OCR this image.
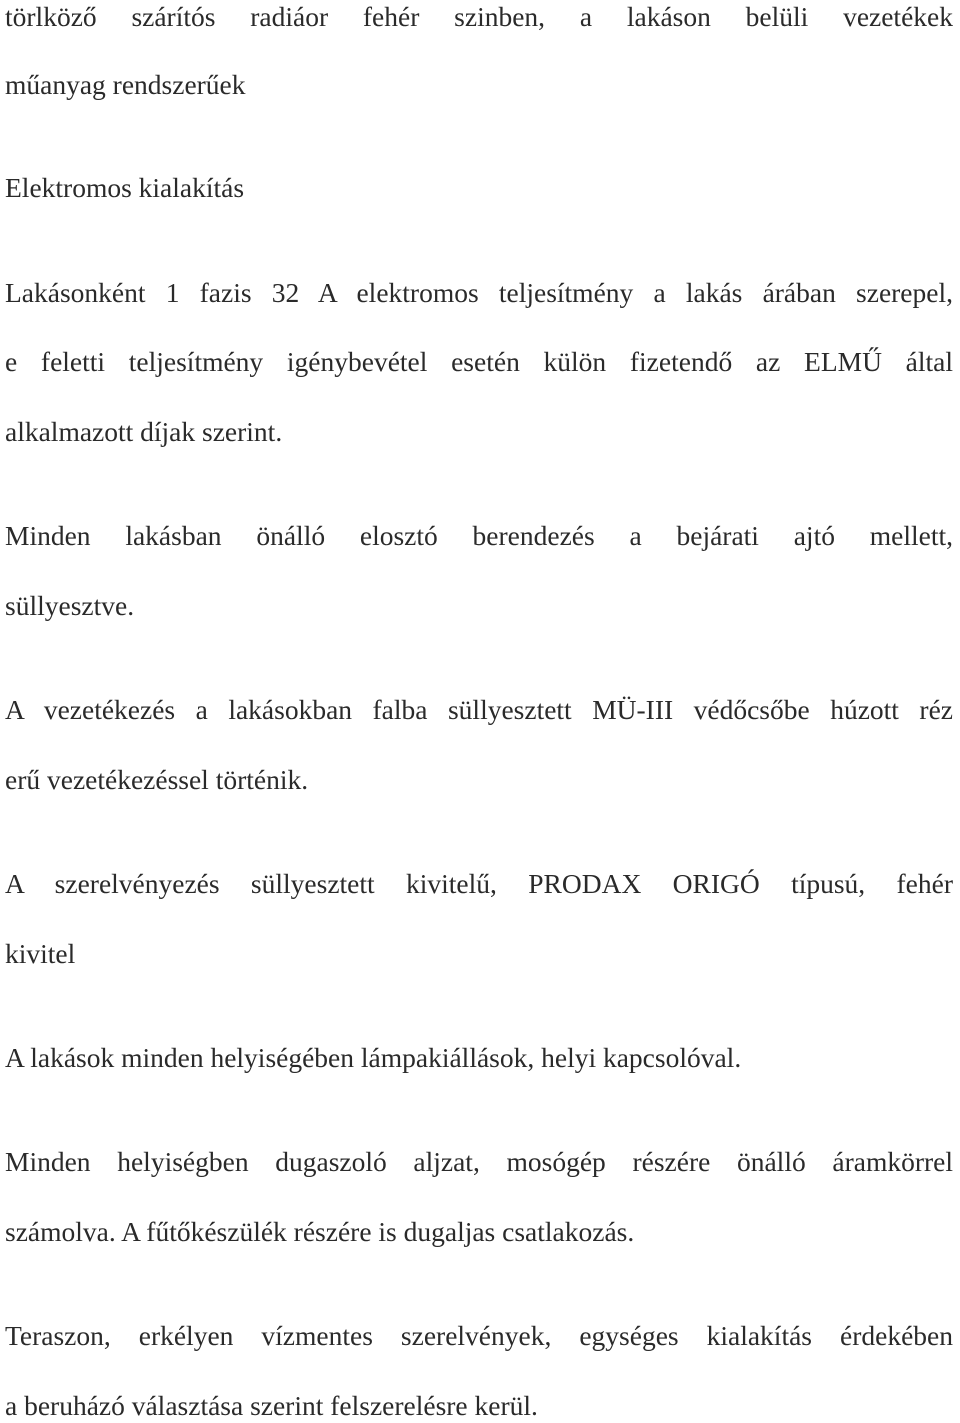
törlköző szárítós radiáor fehér szinben, a lakáson belüli vezetékek
műanyag rendszerűek
Elektromos kialakítás
Lakásonként 1 fazis 32 A elektromos teljesítmény a lakás árában szerepel,
e feletti teljesítmény igénybevétel esetén külön fizetendő az ELMŰ által
alkalmazott díjak szerint.
Minden lakásban önálló elosztó berendezés a bejárati ajtó mellett,
süllyesztve.
A vezetékezés a lakásokban falba süllyesztett MÜ-III védőcsőbe húzott réz
erű vezetékezéssel történik.
A szerelvényezés süllyesztett kivitelű, PRODAX ORIGÓ típusú, fehér
kivitel
A lakások minden helyiségében lámpakiállások, helyi kapcsolóval.
Minden helyiségben dugaszoló aljzat, mosógép részére önálló áramkörrel
számolva. A fűtőkészülék részére is dugaljas csatlakozás.
Teraszon, erkélyen vízmentes szerelvények, egységes kialakítás érdekében
a beruházó választása szerint felszerelésre kerül.
